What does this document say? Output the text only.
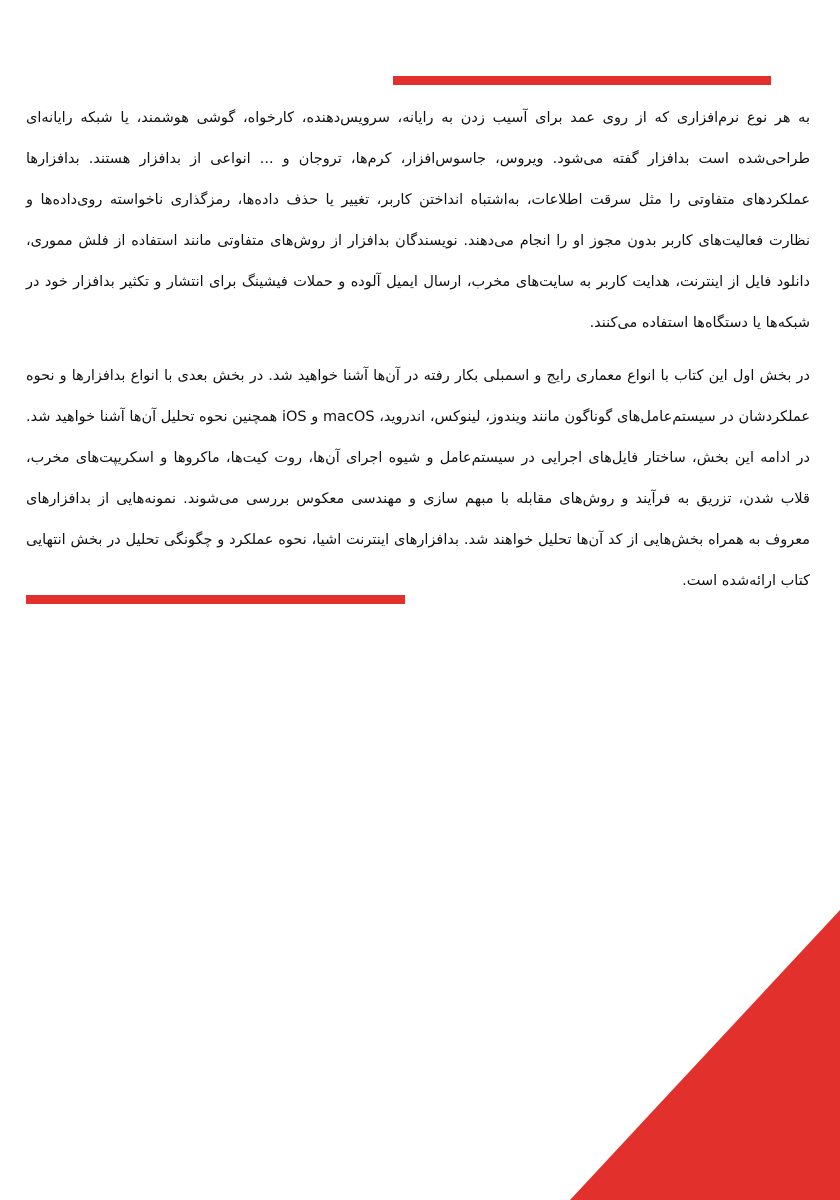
به هر نوع نرم‌افزاری که از روی عمد برای آسیب زدن به رایانه، سرویس‌دهنده، کارخواه، گوشی هوشمند، یا شبکه رایانه‌ای طراحی‌شده است بدافزار گفته می‌شود. ویروس، جاسوس‌افزار، کرم‌ها، تروجان و ... انواعی از بدافزار هستند. بدافزارها عملکردهای متفاوتی را مثل سرقت اطلاعات، به‌اشتباه انداختن کاربر، تغییر یا حذف داده‌ها، رمزگذاری ناخواسته روی‌داده‌ها و نظارت فعالیت‌های کاربر بدون مجوز او را انجام می‌دهند. نویسندگان بدافزار از روش‌های متفاوتی مانند استفاده از فلش مموری، دانلود فایل از اینترنت، هدایت کاربر به سایت‌های مخرب، ارسال ایمیل آلوده و حملات فیشینگ برای انتشار و تکثیر بدافزار خود در شبکه‌ها یا دستگاه‌ها استفاده می‌کنند.

در بخش اول این کتاب با انواع معماری رایج و اسمبلی بکار رفته در آن‌ها آشنا خواهید شد. در بخش بعدی با انواع بدافزارها و نحوه عملکردشان در سیستم‌عامل‌های گوناگون مانند ویندوز، لینوکس، اندروید، macOS و iOS همچنین نحوه تحلیل آن‌ها آشنا خواهید شد. در ادامه این بخش، ساختار فایل‌های اجرایی در سیستم‌عامل و شیوه اجرای آن‌ها، روت کیت‌ها، ماکروها و اسکریپت‌های مخرب، قلاب شدن، تزریق به فرآیند و روش‌های مقابله با مبهم سازی و مهندسی معکوس بررسی می‌شوند. نمونه‌هایی از بدافزارهای معروف به همراه بخش‌هایی از کد آن‌ها تحلیل خواهند شد. بدافزارهای اینترنت اشیا، نحوه عملکرد و چگونگی تحلیل در بخش انتهایی کتاب ارائه‌شده است.
